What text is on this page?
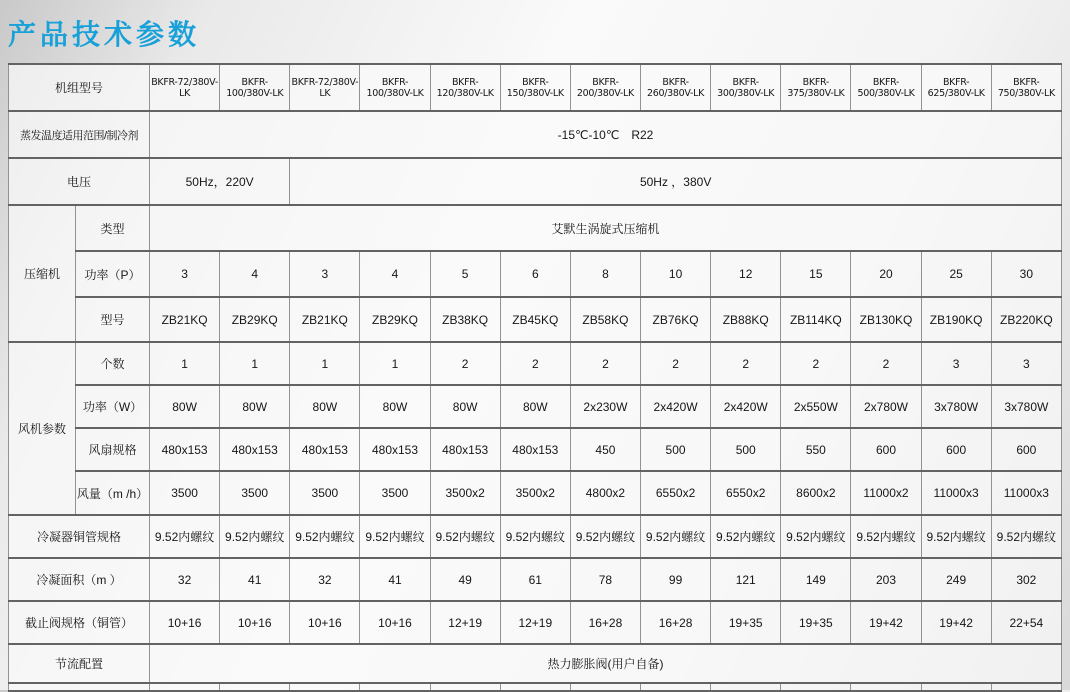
产品技术参数
机组型号		BKFR-72/380V-LK	BKFR-100/380V-LK	BKFR-72/380V-LK	BKFR-100/380V-LK	BKFR-120/380V-LK	BKFR-150/380V-LK	BKFR-200/380V-LK	BKFR-260/380V-LK	BKFR-300/380V-LK	BKFR-375/380V-LK	BKFR-500/380V-LK	BKFR-625/380V-LK	BKFR-750/380V-LK
蒸发温度适用范围/制冷剂		-15℃-10℃　R22												
电压		50Hz，220V		50Hz ，380V										
压缩机	类型	艾默生涡旋式压缩机												
	功率（P）	3	4	3	4	5	6	8	10	12	15	20	25	30
	型号	ZB21KQ	ZB29KQ	ZB21KQ	ZB29KQ	ZB38KQ	ZB45KQ	ZB58KQ	ZB76KQ	ZB88KQ	ZB114KQ	ZB130KQ	ZB190KQ	ZB220KQ
风机参数	个数	1	1	1	1	2	2	2	2	2	2	2	3	3
	功率（W）	80W	80W	80W	80W	80W	80W	2x230W	2x420W	2x420W	2x550W	2x780W	3x780W	3x780W
	风扇规格	480x153	480x153	480x153	480x153	480x153	480x153	450	500	500	550	600	600	600
	风量（m /h）	3500	3500	3500	3500	3500x2	3500x2	4800x2	6550x2	6550x2	8600x2	11000x2	11000x3	11000x3
冷凝器铜管规格		9.52内螺纹	9.52内螺纹	9.52内螺纹	9.52内螺纹	9.52内螺纹	9.52内螺纹	9.52内螺纹	9.52内螺纹	9.52内螺纹	9.52内螺纹	9.52内螺纹	9.52内螺纹	9.52内螺纹
冷凝面积（m ）		32	41	32	41	49	61	78	99	121	149	203	249	302
截止阀规格（铜管）		10+16	10+16	10+16	10+16	12+19	12+19	16+28	16+28	19+35	19+35	19+42	19+42	22+54
节流配置		热力膨胀阀(用户自备)												
